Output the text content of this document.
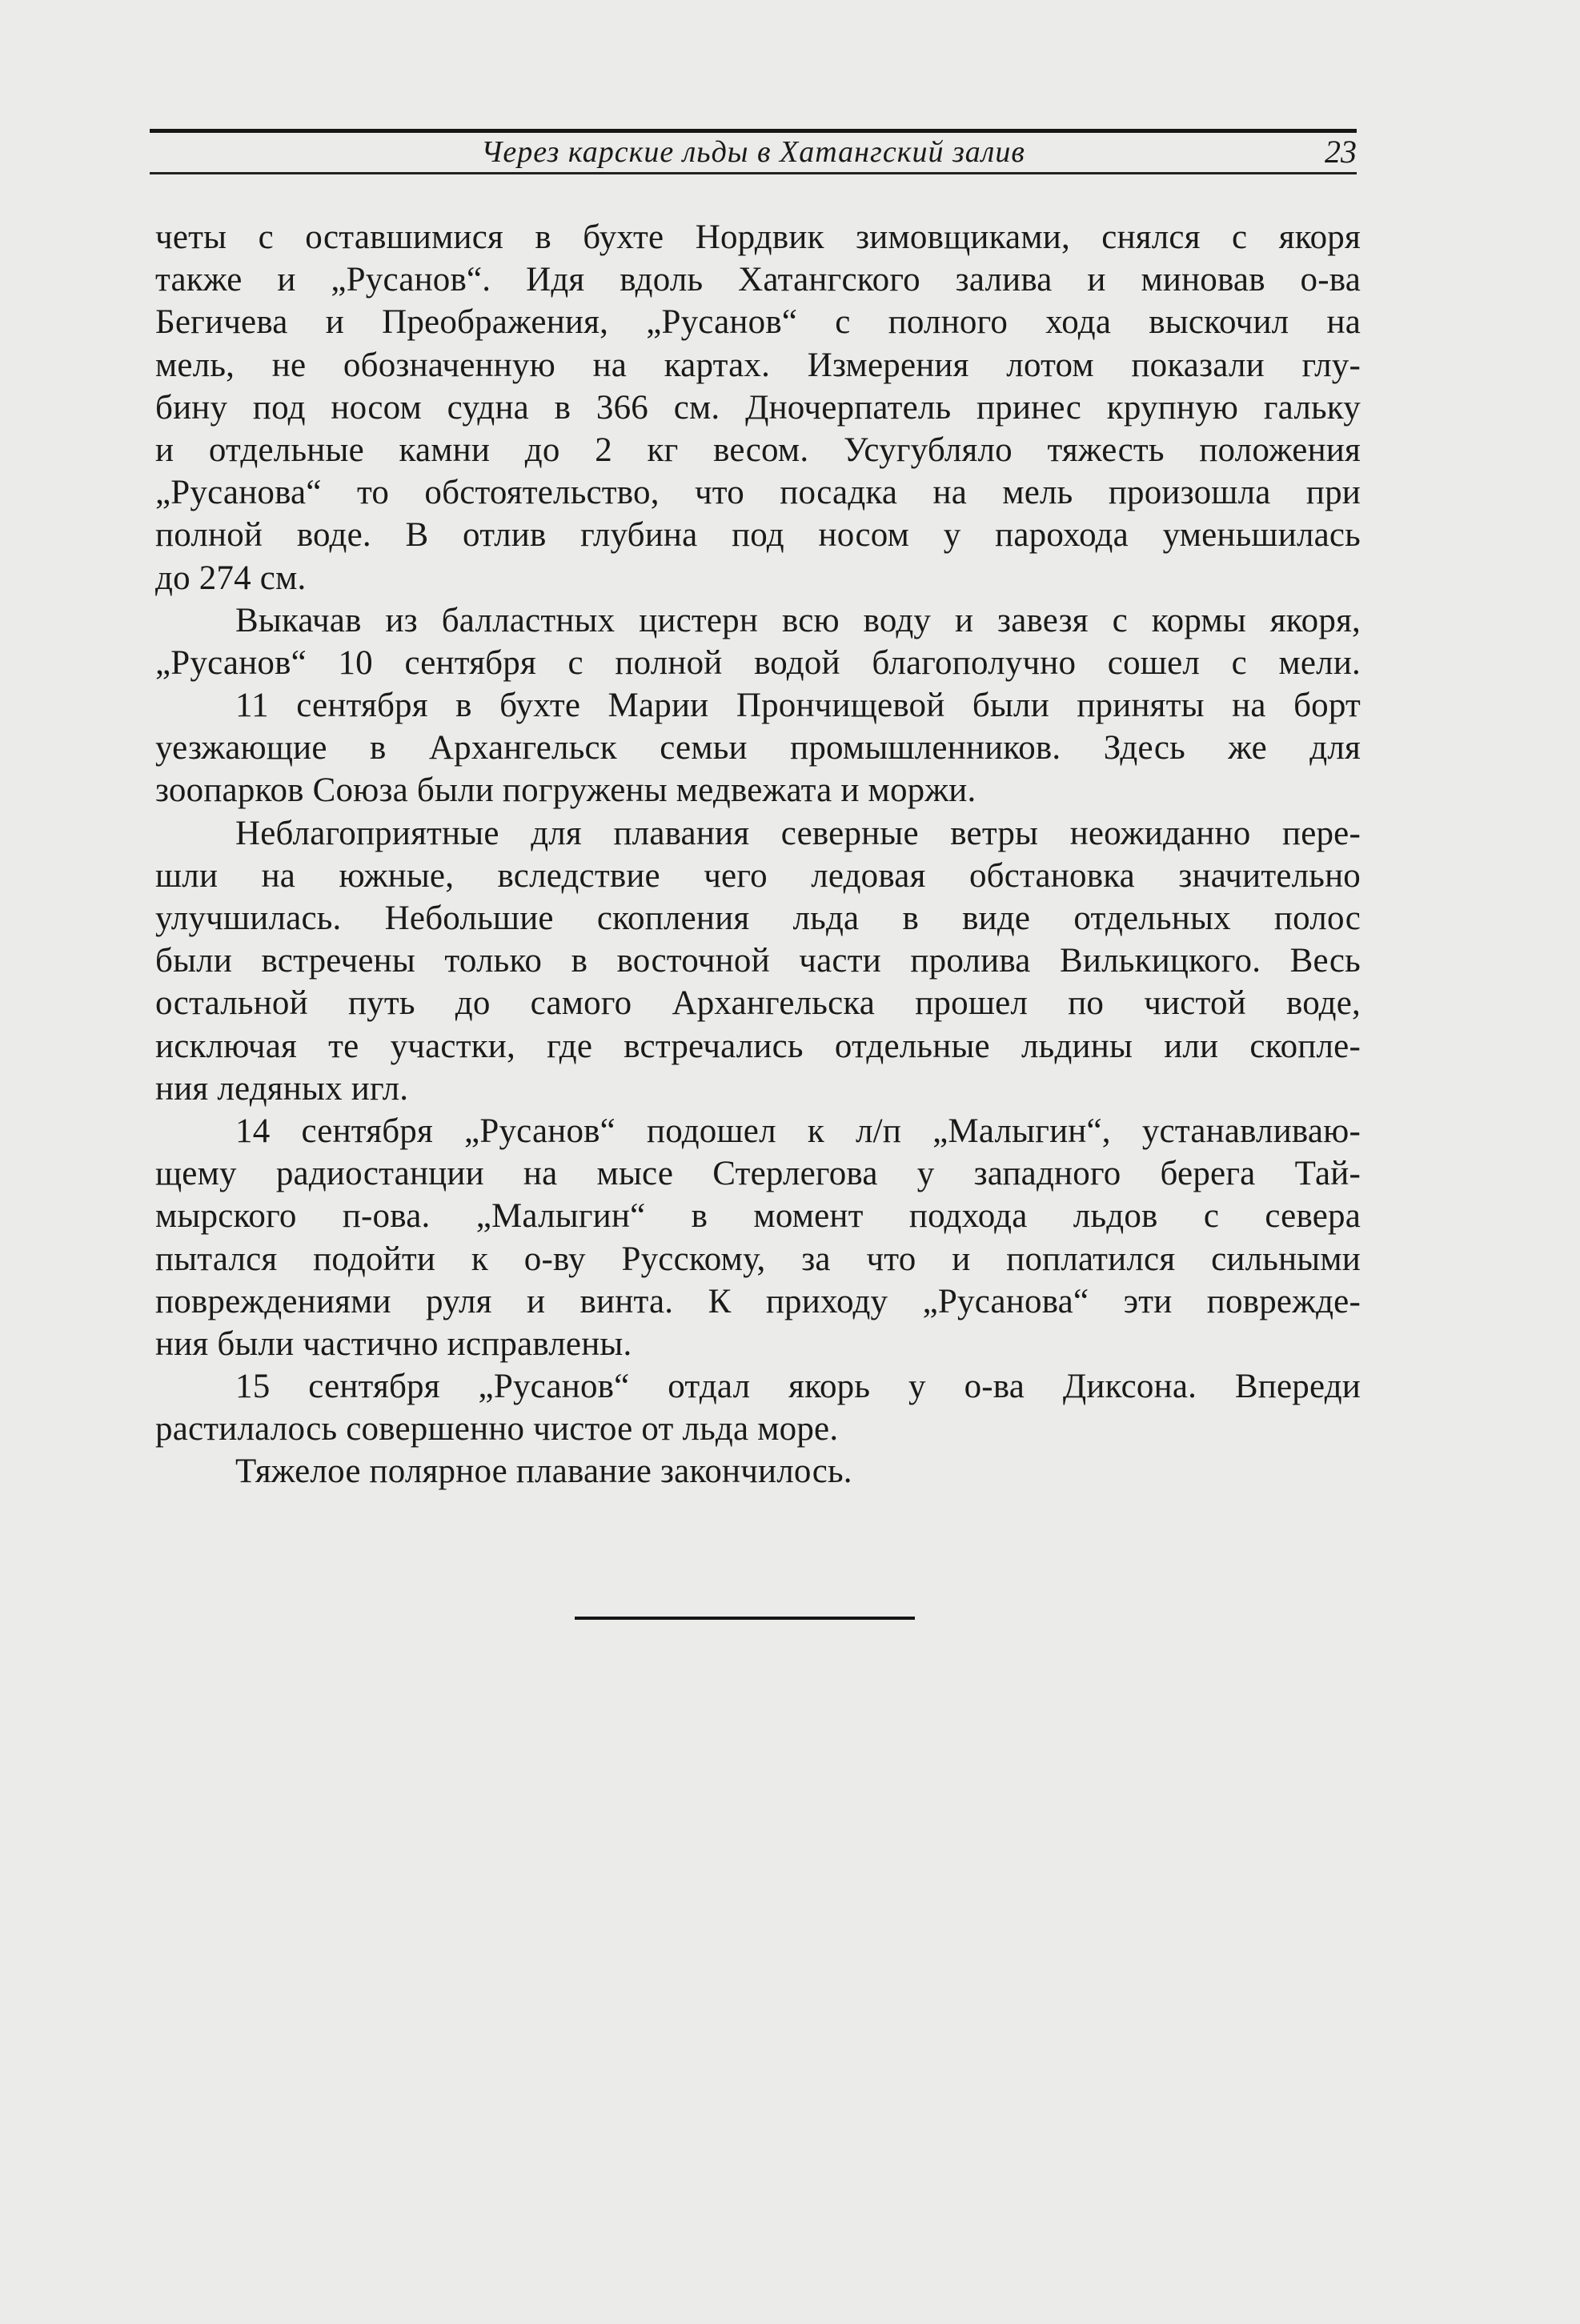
Через карские льды в Хатангский залив	23
четы с оставшимися в бухте Нордвик зимовщиками, снялся с якоря
также и „Русанов“. Идя вдоль Хатангского залива и миновав о-ва
Бегичева и Преображения, „Русанов“ с полного хода выскочил на
мель, не обозначенную на картах. Измерения лотом показали глу-
бину под носом судна в 366 см. Дночерпатель принес крупную гальку
и отдельные камни до 2 кг весом. Усугубляло тяжесть положения
„Русанова“ то обстоятельство, что посадка на мель произошла при
полной воде. В отлив глубина под носом у парохода уменьшилась
до 274 см.
Выкачав из балластных цистерн всю воду и завезя с кормы якоря,
„Русанов“ 10 сентября с полной водой благополучно сошел с мели.
11 сентября в бухте Марии Прончищевой были приняты на борт
уезжающие в Архангельск семьи промышленников. Здесь же для
зоопарков Союза были погружены медвежата и моржи.
Неблагоприятные для плавания северные ветры неожиданно пере-
шли на южные, вследствие чего ледовая обстановка значительно
улучшилась. Небольшие скопления льда в виде отдельных полос
были встречены только в восточной части пролива Вилькицкого. Весь
остальной путь до самого Архангельска прошел по чистой воде,
исключая те участки, где встречались отдельные льдины или скопле-
ния ледяных игл.
14 сентября „Русанов“ подошел к л/п „Малыгин“, устанавливаю-
щему радиостанции на мысе Стерлегова у западного берега Тай-
мырского п-ова. „Малыгин“ в момент подхода льдов с севера
пытался подойти к о-ву Русскому, за что и поплатился сильными
повреждениями руля и винта. К приходу „Русанова“ эти поврежде-
ния были частично исправлены.
15 сентября „Русанов“ отдал якорь у о-ва Диксона. Впереди
растилалось совершенно чистое от льда море.
Тяжелое полярное плавание закончилось.
